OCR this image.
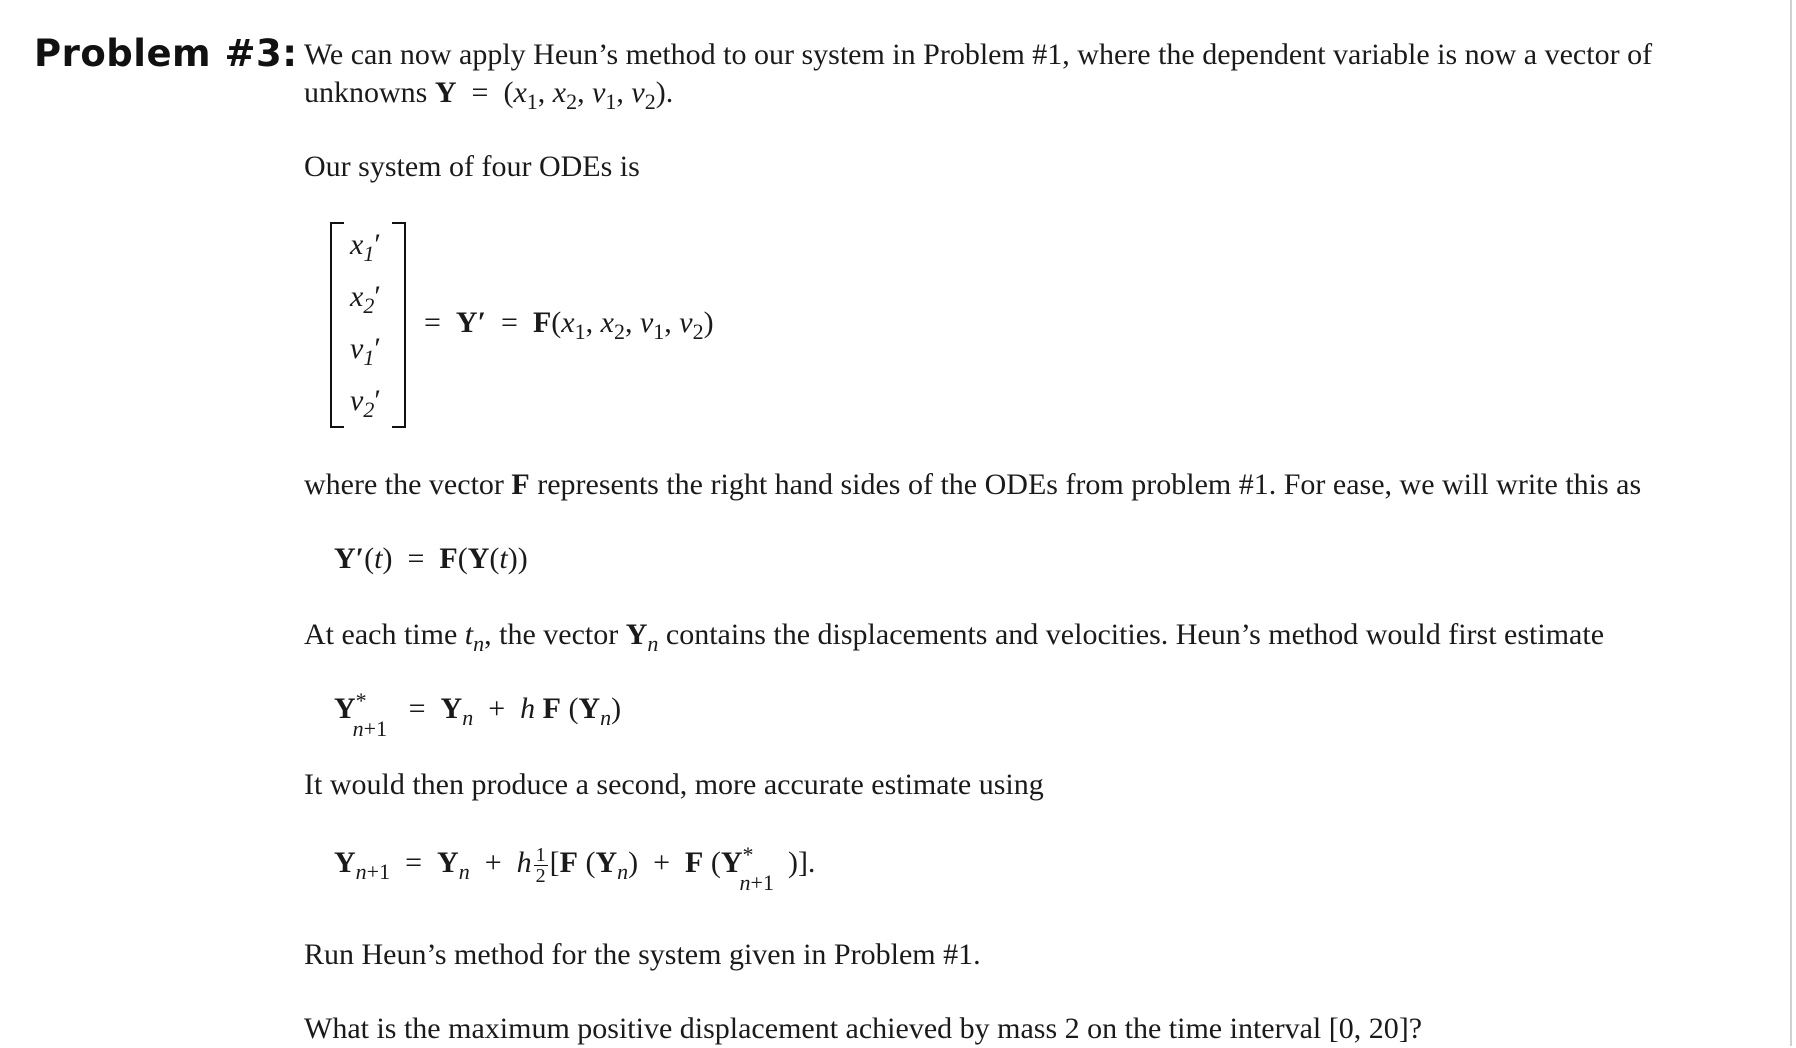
Problem #3: We can now apply Heun’s method to our system in Problem #1, where the dependent variable is now a vector of
unknowns $Y = (x_1$, $x_2$, $v_1$, $v_2$).
Our system of four ODEs is
$x_1'$
$x_2'$
$v_1'$
$v_2'$
=  $Y' = F(x_1$, $x_2$, $v_1$, $v_2$)
where the vector F represents the right hand sides of the ODEs from problem #1. For ease, we will write this as
Y′(t)  =  F(Y(t))
At each time $t_n$, the vector $Y_n$ contains the displacements and velocities. Heun’s method would first estimate
$Y^*_{n+1} = Y_n + h$ F $(Y_n)$
It would then produce a second, more accurate estimate using
$Y_{n+1} = Y_n + h \frac{1}{2} [F$ $(Y_n) + F$ $(Y^*_{n+1})$].
Run Heun’s method for the system given in Problem #1.
What is the maximum positive displacement achieved by mass 2 on the time interval [0, 20]?
